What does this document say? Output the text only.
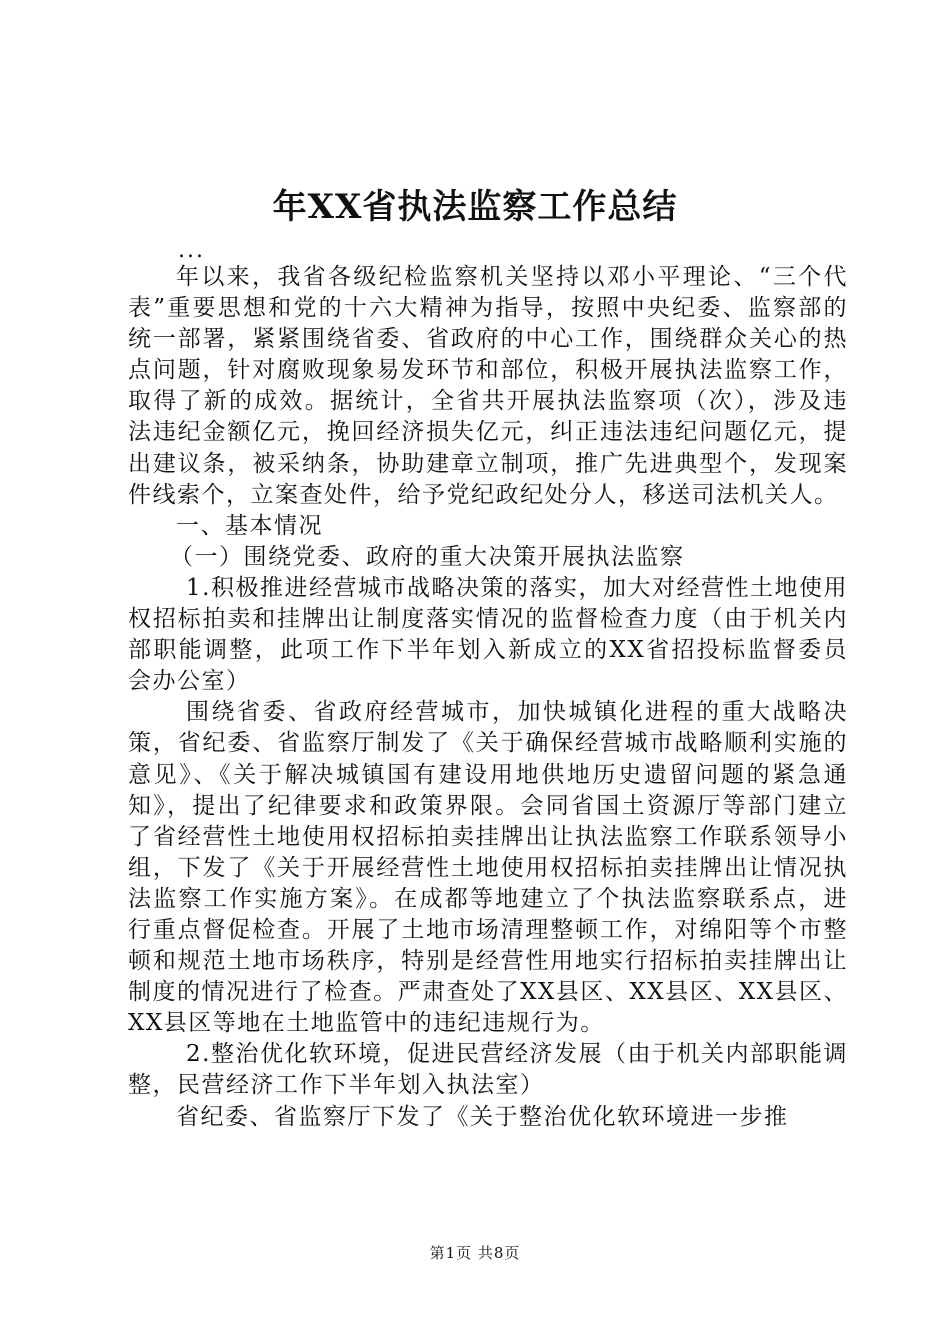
年XX省执法监察工作总结
...

年以来，我省各级纪检监察机关坚持以邓小平理论、“三个代表”重要思想和党的十六大精神为指导，按照中央纪委、监察部的统一部署，紧紧围绕省委、省政府的中心工作，围绕群众关心的热点问题，针对腐败现象易发环节和部位，积极开展执法监察工作，取得了新的成效。据统计，全省共开展执法监察项（次），涉及违法违纪金额亿元，挽回经济损失亿元，纠正违法违纪问题亿元，提出建议条，被采纳条，协助建章立制项，推广先进典型个，发现案件线索个，立案查处件，给予党纪政纪处分人，移送司法机关人。

一、基本情况

（一）围绕党委、政府的重大决策开展执法监察

1.积极推进经营城市战略决策的落实，加大对经营性土地使用权招标拍卖和挂牌出让制度落实情况的监督检查力度（由于机关内部职能调整，此项工作下半年划入新成立的XX省招投标监督委员会办公室）

围绕省委、省政府经营城市，加快城镇化进程的重大战略决策，省纪委、省监察厅制发了《关于确保经营城市战略顺利实施的意见》、《关于解决城镇国有建设用地供地历史遗留问题的紧急通知》，提出了纪律要求和政策界限。会同省国土资源厅等部门建立了省经营性土地使用权招标拍卖挂牌出让执法监察工作联系领导小组，下发了《关于开展经营性土地使用权招标拍卖挂牌出让情况执法监察工作实施方案》。在成都等地建立了个执法监察联系点，进行重点督促检查。开展了土地市场清理整顿工作，对绵阳等个市整顿和规范土地市场秩序，特别是经营性用地实行招标拍卖挂牌出让制度的情况进行了检查。严肃查处了XX县区、XX县区、XX县区、XX县区等地在土地监管中的违纪违规行为。

2.整治优化软环境，促进民营经济发展（由于机关内部职能调整，民营经济工作下半年划入执法室）

省纪委、省监察厅下发了《关于整治优化软环境进一步推

第1页 共8页
